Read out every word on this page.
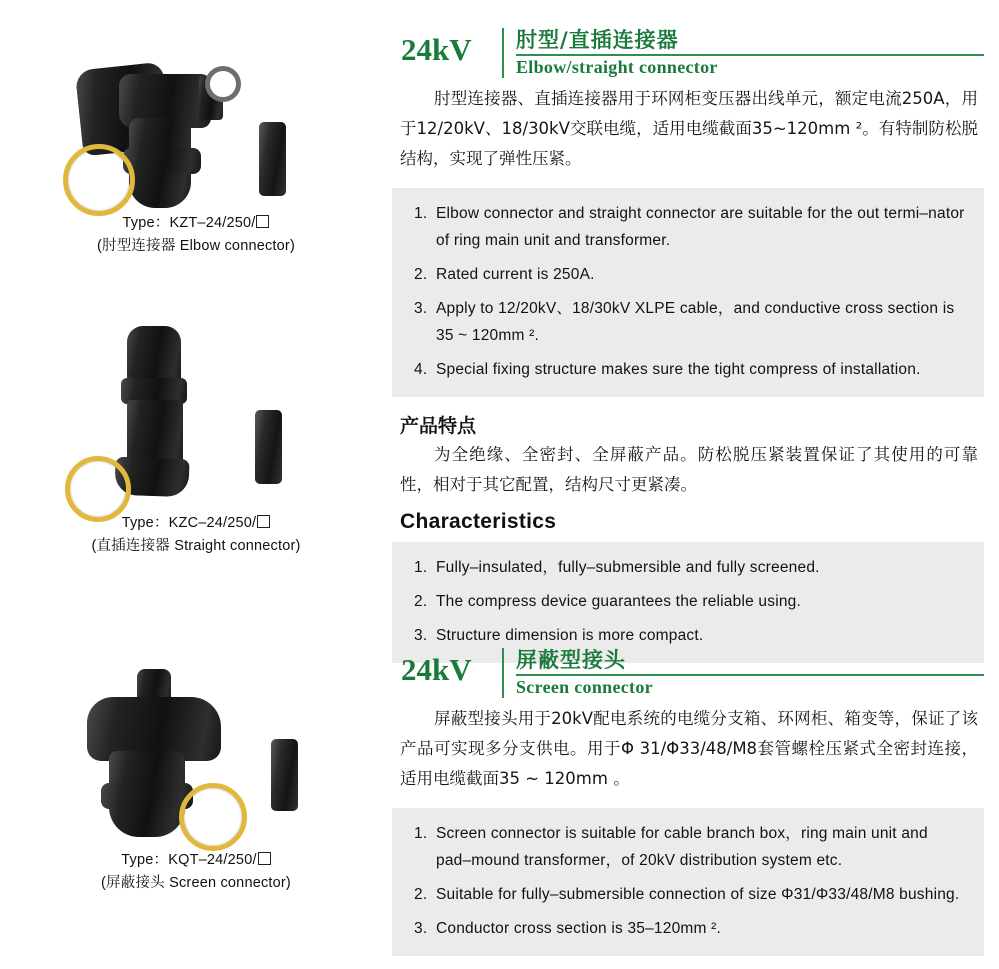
Type：KZT–24/250/
(肘型连接器 Elbow connector)
Type：KZC–24/250/
(直插连接器 Straight connector)
Type：KQT–24/250/
(屏蔽接头 Screen connector)
24kV 肘型/直插连接器
Elbow/straight connector

肘型连接器、直插连接器用于环网柜变压器出线单元，额定电流250A，用于12/20kV、18/30kV交联电缆，适用电缆截面35~120mm ²。有特制防松脱结构，实现了弹性压紧。

Elbow connector and straight connector are suitable for the out termi–nator of ring main unit and transformer.
Rated current is 250A.
Apply to 12/20kV、18/30kV XLPE cable，and conductive cross section is 35 ~ 120mm ².
Special fixing structure makes sure the tight compress of installation.
产品特点

为全绝缘、全密封、全屏蔽产品。防松脱压紧装置保证了其使用的可靠性，相对于其它配置，结构尺寸更紧凑。

Characteristics
Fully–insulated，fully–submersible and fully screened.
The compress device guarantees the reliable using.
Structure dimension is more compact.
24kV 屏蔽型接头
Screen connector

屏蔽型接头用于20kV配电系统的电缆分支箱、环网柜、箱变等，保证了该产品可实现多分支供电。用于Φ 31/Φ33/48/M8套管螺栓压紧式全密封连接，适用电缆截面35 ~ 120mm 。

Screen connector is suitable for cable branch box，ring main unit and pad–mound transformer，of 20kV distribution system etc.
Suitable for fully–submersible connection of size Φ31/Φ33/48/M8 bushing.
Conductor cross section is 35–120mm ².
